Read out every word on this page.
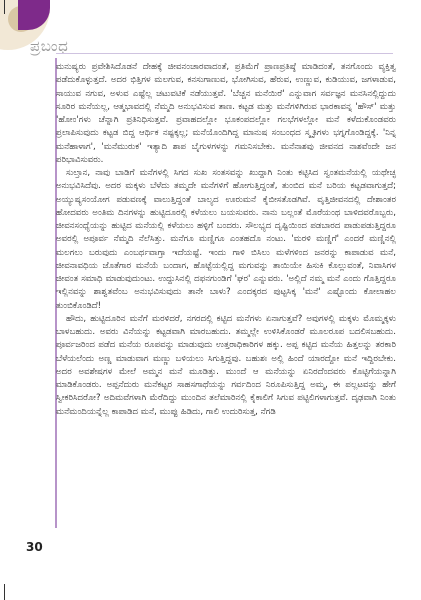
ಪ್ರಬಂಧ

ಮನುಷ್ಯರು ಪ್ರವೇಶಿಸಿದೊಡನೆ ದೇಹಕ್ಕೆ ಜೀವನಂಚಾರವಾದಂತೆ, ಪ್ರತಿಮೆಗೆ ಪ್ರಾಣಪ್ರತಿಷ್ಠೆ ಮಾಡಿದಂತೆ, ತನಗೊಂದು ವ್ಯಕ್ತಿತ್ವ ಪಡೆದುಕೊಳ್ಳುತ್ತದೆ. ಅದರ ಭಿತ್ತಿಗಳ ಮಲಗುವ, ಕನಸುಗಾಣುವ, ಭೋಗಿಸುವ, ಹೆರುವ, ಉಣ್ಣುವ, ಕುಡಿಯುವ, ಜಗಳಾಡುವ, ಸಾಯುವ ನಗುವ, ಅಳುವ ಎಷ್ಟೆಲ್ಲ ಚಟುವಟಿಕೆ ನಡೆಯುತ್ತವೆ. 'ಬೆಚ್ಚನ ಮನೆಯಿರೆ' ಎನ್ನುವಾಗ ಸರ್ವಜ್ಞನ ಮನಸಿನಲ್ಲಿದ್ದುದು ಸೂರಿರ ಮನೆಯಲ್ಲ, ಆತ್ಮಭಾವದಲ್ಲಿ ನೆಮ್ಮದಿ ಅನುಭವಿಸುವ ತಾಣ. ಕಟ್ಟಡ ಮತ್ತು ಮನೆಗಳಿಗಿರುವ ಭಾರಕಾವನ್ನ 'ಹೌಸ್' ಮತ್ತು 'ಹೋಂ'ಗಳು ಚೆನ್ನಾಗಿ ಪ್ರತಿನಿಧಿಸುತ್ತವೆ. ಪ್ರವಾಹದಲ್ಲೋ ಭೂಕಂಪದಲ್ಲೋ ಗಲಭೆಗಳಲ್ಲೋ ಮನೆ ಕಳೆದುಕೊಂಡವರು ಪ್ರಲಾಪಿಸುವುದು ಕಟ್ಟಡ ಬಿದ್ದ ಆರ್ಥಿಕ ನಷ್ಟಕ್ಕಲ್ಲ; ಮನೆಯೊಂದಿಗಿದ್ದ ಮಾನುಷ ಸಂಬಂಧದ ಸ್ಮೃತಿಗಳು ಭಗ್ನಗೊಂಡಿದ್ದಕ್ಕೆ. 'ನಿನ್ನ ಮನೆಹಾಳಾಗ', 'ಮನೆಮುರುಕ' ಇತ್ಯಾದಿ ಶಾಪ ಬೈಗುಳಗಳನ್ನು ಗಮನಿಸಬೇಕು. ಮನೆನಾಶವು ಜೀವನದ ನಾಶವೆಂದೇ ಜನ ಪರಿಭಾವಿಸುವರು.

ಸುಲ್ತಾನ, ನಾವು ಬಾಡಿಗೆ ಮನೆಗಳಲ್ಲಿ ಸಿಗದ ಸುಖ ಸಂತಸವನ್ನು ಖುದ್ದಾಗಿ ನಿಂತು ಕಟ್ಟಿಸಿದ ಸ್ವಂತಮನೆಯಲ್ಲಿ ಯಥೇಚ್ಛ ಅನುಭವಿಸಿದೆವು. ಅದರ ಮಕ್ಕಳು ಬೆಳೆದು ತಮ್ಮದೇ ಮನೆಗಳಿಗೆ ಹೋಗುತ್ತಿದ್ದಂತೆ, ತುಂಬಿದ ಮನೆ ಬರಿಯ ಕಟ್ಟಡವಾಗುತ್ತದೆ; ಅಯ್ಯುಷ್ಯಸಂಯೋಗ ಪಡುವಣಕ್ಕೆ ವಾಲುತ್ತಿದ್ದಂತೆ ಬಾಲ್ಯದ ಊರುಮನೆ ಕೈಬೀಸತೊಡಗಿವೆ. ವೃತ್ತಿಜೀವನದಲ್ಲಿ ದೇಶಾಂತರ ಹೋದವರು ಅಂತಿಮ ದಿನಗಳನ್ನು ಹುಟ್ಟಿದೂರಲ್ಲಿ ಕಳೆಯಲು ಬಯಸುವರು. ನಾನು ಬಲ್ಲಂತೆ ಮೊರೆಯಂಥ ಬಾಳಿದವರೊಬ್ಬರು, ಜೀವನಸಂಧ್ಯೆಯನ್ನು ಹುಟ್ಟಿದ ಮನೆಯಲ್ಲಿ ಕಳೆಯಲು ಹಳ್ಳಿಗೆ ಬಂದರು. ಸೌಲಭ್ಯದ ದೃಷ್ಟಿಯಿಂದ ಪಡಬಾರದ ಪಾಡುಪಡುತ್ತಿದ್ದರೂ ಅವರಲ್ಲಿ ಅಪೂರ್ವ ನೆಮ್ಮದಿ ನೆಲೆಸಿತ್ತು. ಮನೆಗೂ ಮಣ್ಣಿಗೂ ಎಂತಹದೊ ನಂಟು. 'ಮರಳಿ ಮಣ್ಣಿಗೆ' ಎಂದರೆ ಮಣ್ಣಿನಲ್ಲಿ ಮಲಗಲು ಬರುವುದು ಎಂಬರ್ಥವಾಗ್ತಾ ಇದೆಯಷ್ಟೆ. ಇಂದು ಗಾಳಿ ಬಿಸಿಲು ಮಳೆಗಳಿಂದ ಜನರನ್ನು ಕಾಪಾಡುವ ಮನೆ, ಜೀವನಾವಧಿಯ ಜೊತೆಗಾರ ಮನೆಯೆ ಬಂದಾಗ, ಹೊಟ್ಟೆಯಲ್ಲಿದ್ದ ಮಗುವನ್ನು ತಾಯಿಯೇ ಹಿಸುಕಿ ಕೊಲ್ಲುವಂತೆ, ನಿವಾಸಿಗಳ ಜೀವಂತ ಸಮಾಧಿ ಮಾಡುವುದುಂಟು. ಉದ್ದುಸಿನಲ್ಲಿ ದಫನಗುಂಡಿಗೆ 'ಘರ' ಎನ್ನುವರು. 'ಅಲ್ಲಿದೆ ನಮ್ಮ ಮನೆ ಎಂದು ಗೊತ್ತಿದ್ದರೂ ಇಲ್ಲಿನವನ್ನು ಶಾಶ್ವತವೆಂಬ ಅನುಭವಿಸುವುದು ತಾನೇ ಬಾಳು? ಎಂದಕ್ಕರದ ಪುಟ್ಟಸಿಕ್ಕ 'ಮನೆ' ಎಷ್ಟೊಂದು ಕೋಲಾಹಲ ತುಂಬಿಕೊಂಡಿದೆ!

ಹೌದು, ಹುಟ್ಟಿದೂರಿನ ಮನೆಗೆ ಮರಳಿದರೆ, ನಗರದಲ್ಲಿ ಕಟ್ಟಿದ ಮನೆಗಳು ಏನಾಗುತ್ತವೆ? ಅವುಗಳಲ್ಲಿ ಮಕ್ಕಳು ಮೊಮ್ಮಕ್ಕಳು ಬಾಳಬಹುದು. ಅವರು ವಿನೆಯನ್ನು ಕಟ್ಟಡವಾಗಿ ಮಾರಬಹುದು. ತಮ್ಮಲ್ಲೇ ಉಳಿಸಿಕೊಂಡರೆ ಮೂಲರೂಪ ಬದಲಿಸಬಹುದು. ಪೂರ್ವಜರಿಂದ ಪಡೆದ ಮನೆಯ ರೂಪವನ್ನು ಮಾಡುವುದು ಉತ್ತರಾಧಿಕಾರಿಗಳ ಹಕ್ಕು. ಅಪ್ಪ ಕಟ್ಟಿದ ಮನೆಯ ಹಿತ್ತಲನ್ನು ತರಕಾರಿ ಬೆಳೆಯಲೆಂದು ಅಣ್ಣ ಮಾಡುವಾಗ ಮಣ್ಣು ಬಳಿಯಲು ಸಿಗುತ್ತಿದ್ದವು. ಬಹುಶಃ ಅಲ್ಲಿ ಹಿಂದೆ ಯಾರದ್ದೋ ಮನೆ ಇದ್ದಿರಬೇಕು. ಅದರ ಅವಶೇಷಗಳ ಮೇಲೆ ಅಮ್ಮನ ಮನೆ ಮೂಡಿತ್ತು. ಮುಂದೆ ಆ ಮನೆಯನ್ನು ಏನಿರದೆಂದವರು ಕೊಟ್ಟಿಗೆಯನ್ನಾಗಿ ಮಾಡಿಕೊಂಡರು. ಅಪ್ಪನೆದುರು ಮನೆಕಟ್ಟರ ಸಾಹಸಗಾಥೆಯನ್ನು ಗರ್ವದಿಂದ ನಿರೂಪಿಸುತ್ತಿದ್ದ ಅಮ್ಮ, ಈ ಪಲ್ಲಟವನ್ನು ಹೇಗೆ ಸ್ವೀಕರಿಸಿದರೋ? ಅದಿಮವೆಗಳಾಗಿ ಮೆರೆದಿದ್ದು ಮುಂದಿನ ತಲೆಮಾರಿನಲ್ಲಿ ಕೈಕಾಲಿಗೆ ಸಿಗುವ ಪಟ್ಟಿಲಿಗಳಾಗುತ್ತವೆ. ದೃಢವಾಗಿ ನಿಂತು ಮನೆಮಂದಿಯನ್ನೆಲ್ಲ ಕಾಪಾಡಿದ ಮನೆ, ಮುಪ್ಪು ಹಿಡಿದು, ಗಾಲಿ ಉದುರಿಸುತ್ತ, ನೆಗಡಿ

30
